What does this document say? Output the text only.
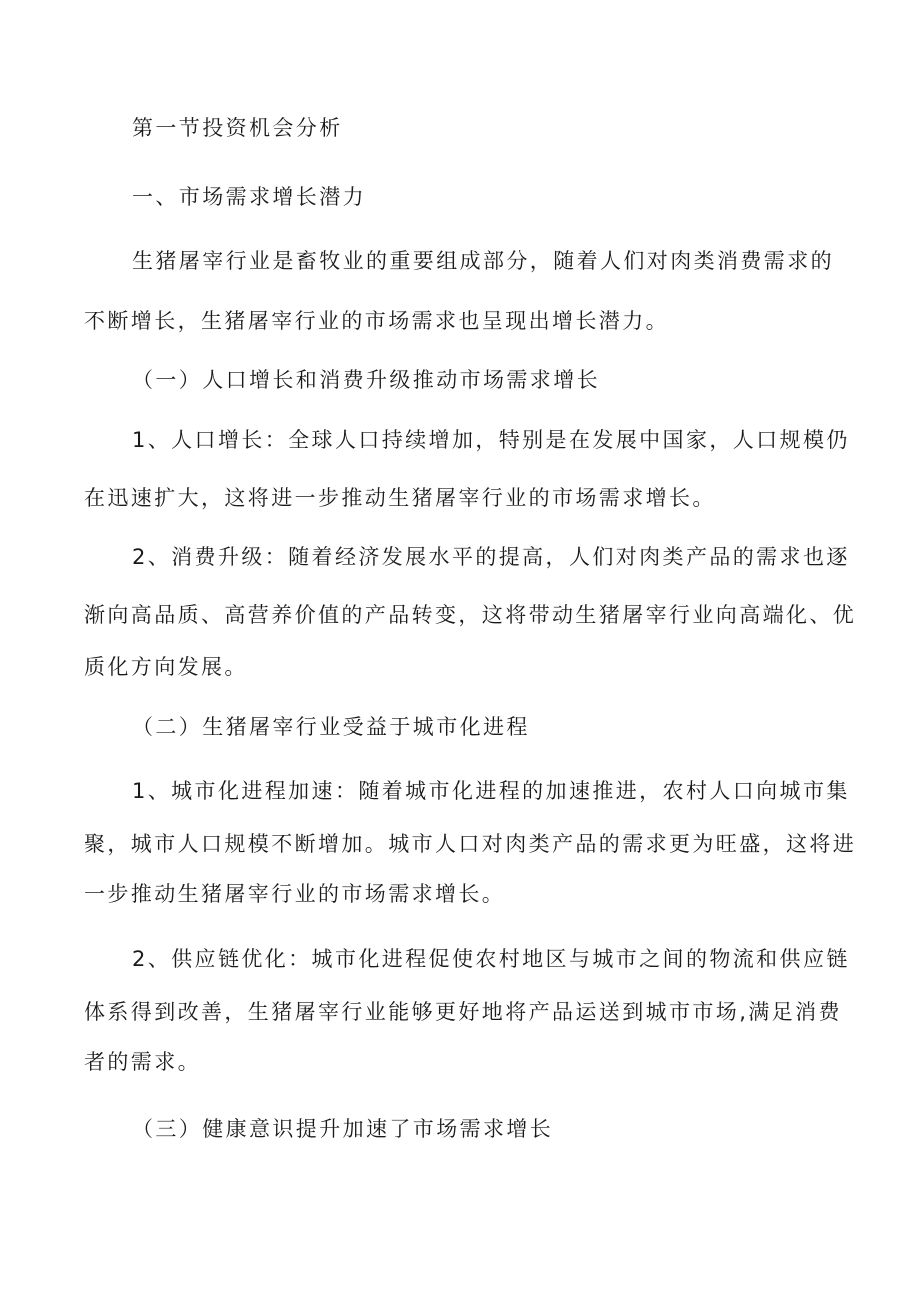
第一节投资机会分析
一、市场需求增长潜力
生猪屠宰行业是畜牧业的重要组成部分，随着人们对肉类消费需求的
不断增长，生猪屠宰行业的市场需求也呈现出增长潜力。
（一）人口增长和消费升级推动市场需求增长
1、人口增长：全球人口持续增加，特别是在发展中国家，人口规模仍
在迅速扩大，这将进一步推动生猪屠宰行业的市场需求增长。
2、消费升级：随着经济发展水平的提高，人们对肉类产品的需求也逐
渐向高品质、高营养价值的产品转变，这将带动生猪屠宰行业向高端化、优
质化方向发展。
（二）生猪屠宰行业受益于城市化进程
1、城市化进程加速：随着城市化进程的加速推进，农村人口向城市集
聚，城市人口规模不断增加。城市人口对肉类产品的需求更为旺盛，这将进
一步推动生猪屠宰行业的市场需求增长。
2、供应链优化：城市化进程促使农村地区与城市之间的物流和供应链
体系得到改善，生猪屠宰行业能够更好地将产品运送到城市市场,满足消费
者的需求。
（三）健康意识提升加速了市场需求增长
